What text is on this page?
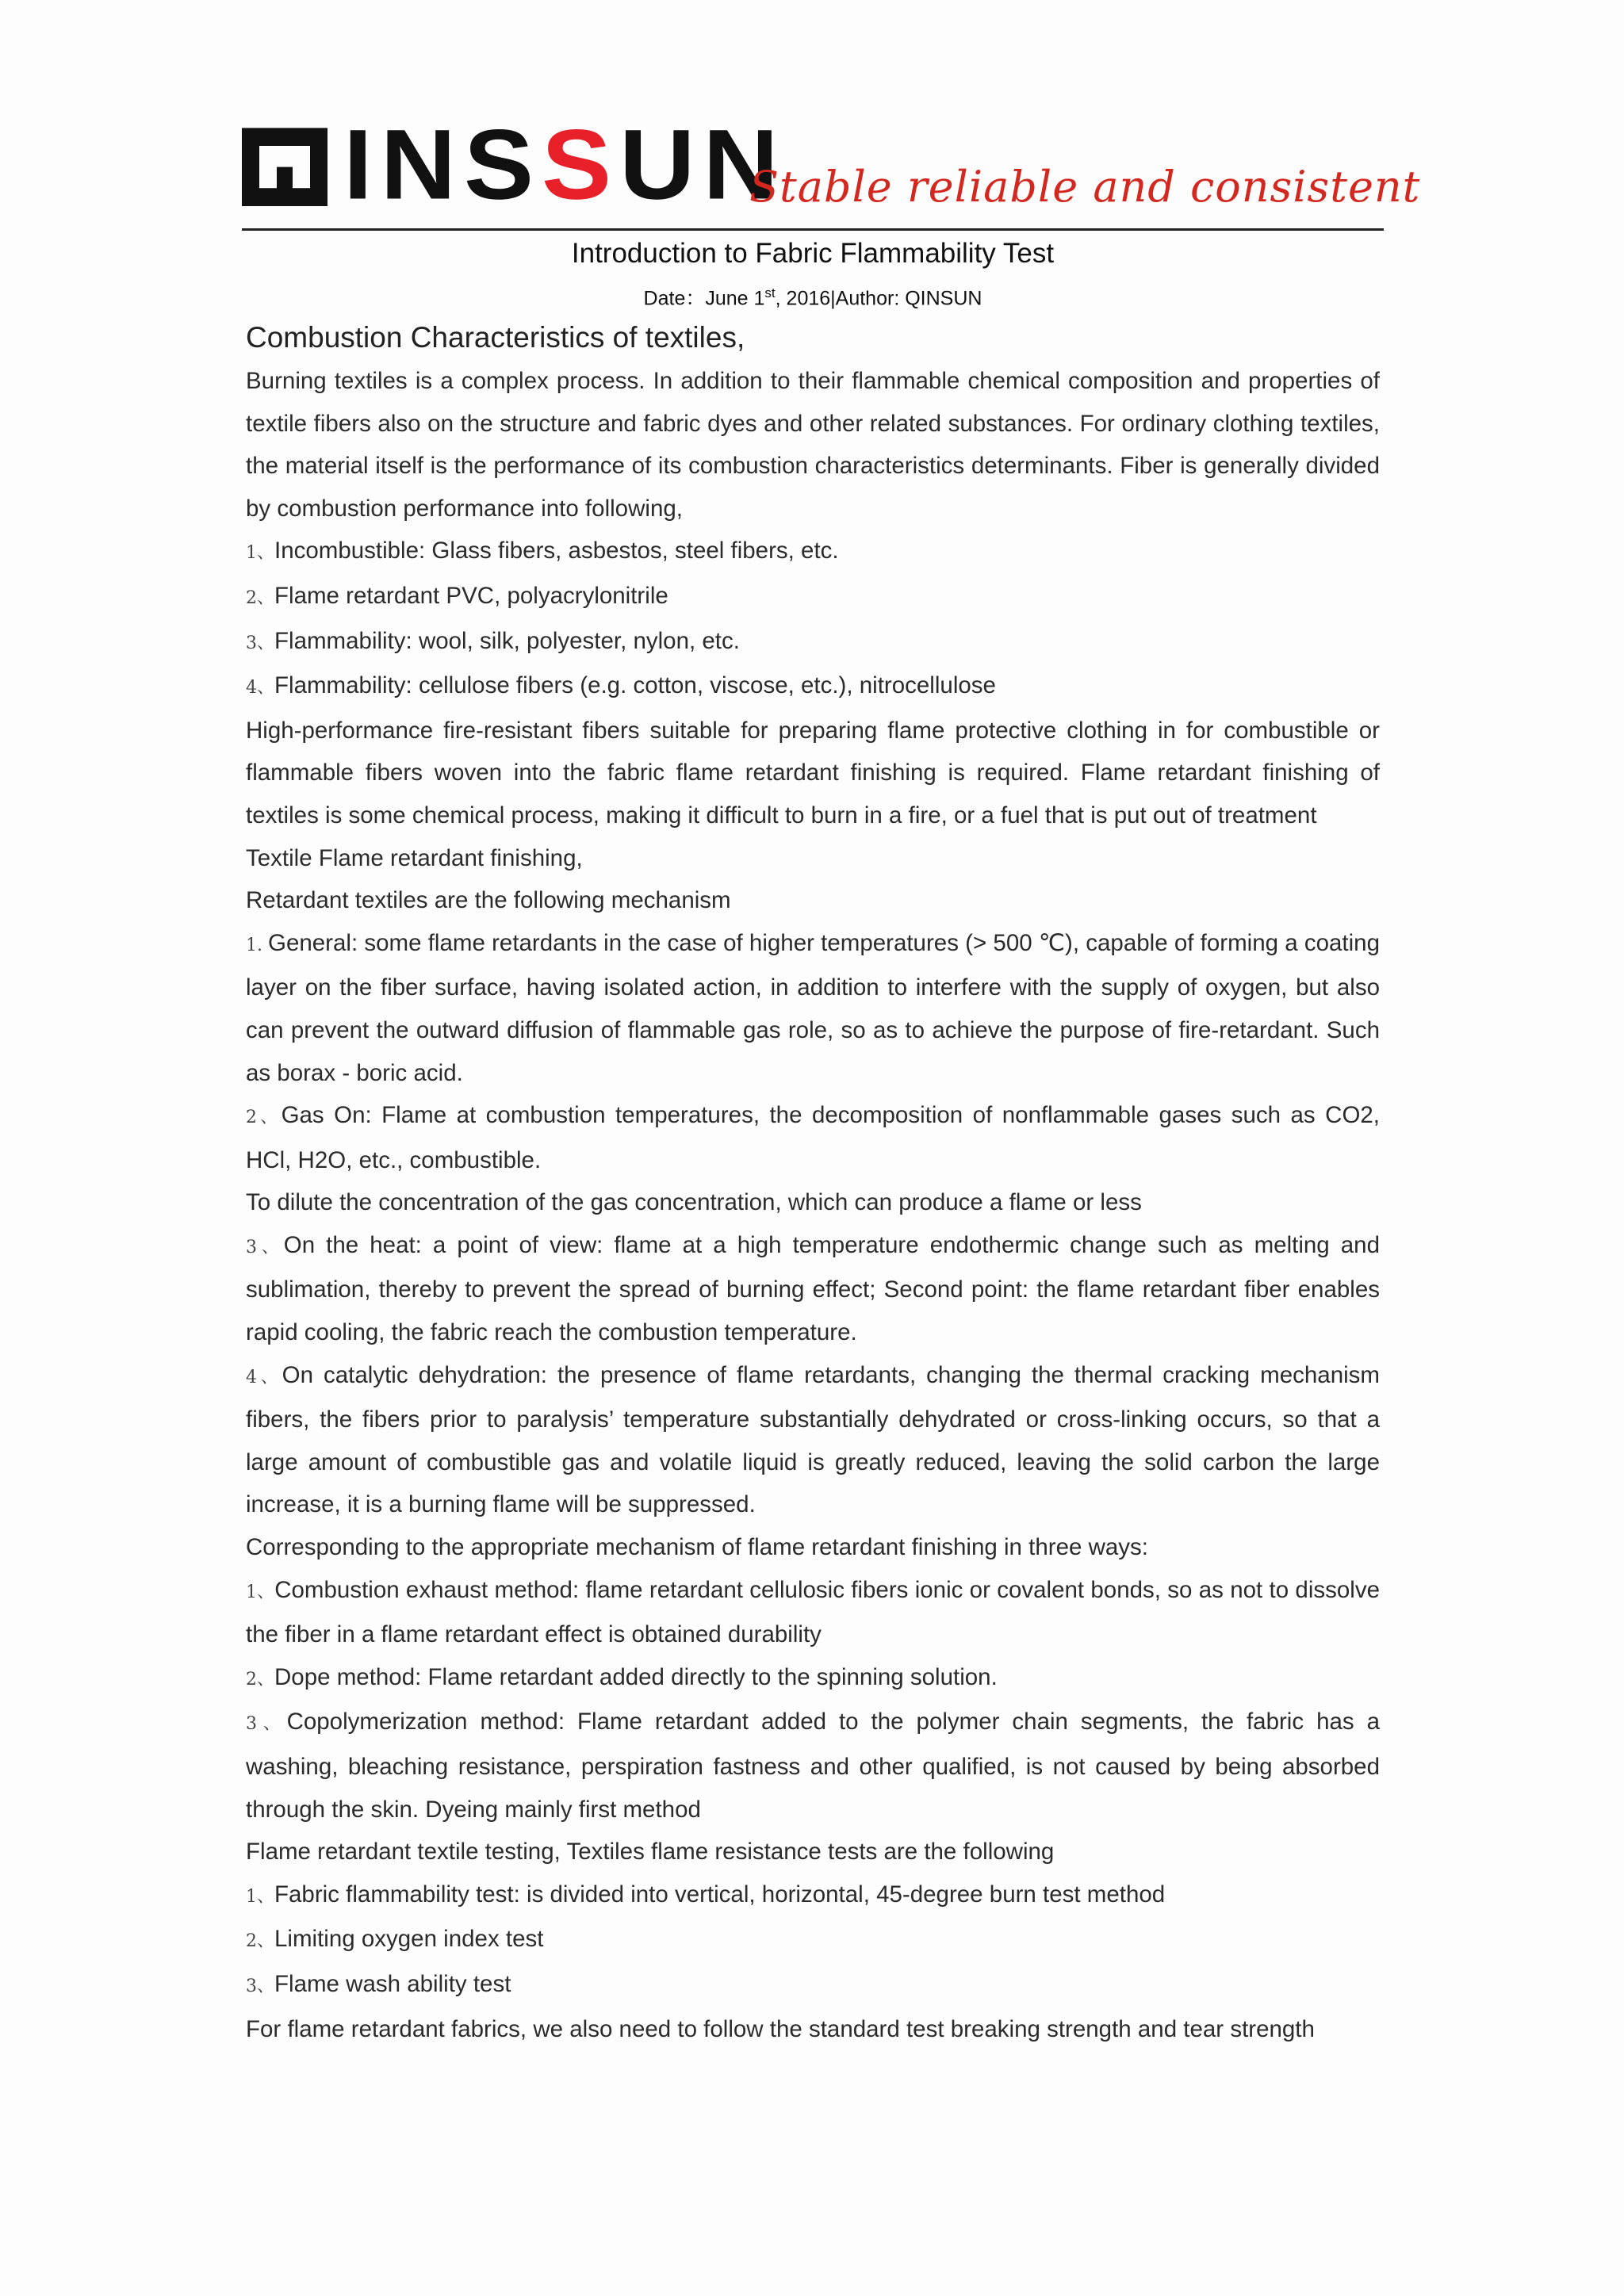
INS S UN
Stable reliable and consistent
Introduction to Fabric Flammability Test
Date：June 1st, 2016|Author: QINSUN
Combustion Characteristics of textiles,
Burning textiles is a complex process. In addition to their flammable chemical composition and properties of textile fibers also on the structure and fabric dyes and other related substances. For ordinary clothing textiles, the material itself is the performance of its combustion characteristics determinants. Fiber is generally divided by combustion performance into following,
1、Incombustible: Glass fibers, asbestos, steel fibers, etc.
2、Flame retardant PVC, polyacrylonitrile
3、Flammability: wool, silk, polyester, nylon, etc.
4、Flammability: cellulose fibers (e.g. cotton, viscose, etc.), nitrocellulose
High-performance fire-resistant fibers suitable for preparing flame protective clothing in for combustible or flammable fibers woven into the fabric flame retardant finishing is required. Flame retardant finishing of textiles is some chemical process, making it difficult to burn in a fire, or a fuel that is put out of treatment
Textile Flame retardant finishing,
Retardant textiles are the following mechanism
1. General: some flame retardants in the case of higher temperatures (> 500 ℃), capable of forming a coating layer on the fiber surface, having isolated action, in addition to interfere with the supply of oxygen, but also can prevent the outward diffusion of flammable gas role, so as to achieve the purpose of fire-retardant. Such as borax - boric acid.
2、Gas On: Flame at combustion temperatures, the decomposition of nonflammable gases such as CO2, HCl, H2O, etc., combustible.
To dilute the concentration of the gas concentration, which can produce a flame or less
3、On the heat: a point of view: flame at a high temperature endothermic change such as melting and sublimation, thereby to prevent the spread of burning effect; Second point: the flame retardant fiber enables rapid cooling, the fabric reach the combustion temperature.
4、On catalytic dehydration: the presence of flame retardants, changing the thermal cracking mechanism fibers, the fibers prior to paralysis’ temperature substantially dehydrated or cross-linking occurs, so that a large amount of combustible gas and volatile liquid is greatly reduced, leaving the solid carbon the large increase, it is a burning flame will be suppressed.
Corresponding to the appropriate mechanism of flame retardant finishing in three ways:
1、Combustion exhaust method: flame retardant cellulosic fibers ionic or covalent bonds, so as not to dissolve the fiber in a flame retardant effect is obtained durability
2、Dope method: Flame retardant added directly to the spinning solution.
3、Copolymerization method: Flame retardant added to the polymer chain segments, the fabric has a washing, bleaching resistance, perspiration fastness and other qualified, is not caused by being absorbed through the skin. Dyeing mainly first method
Flame retardant textile testing, Textiles flame resistance tests are the following
1、Fabric flammability test: is divided into vertical, horizontal, 45-degree burn test method
2、Limiting oxygen index test
3、Flame wash ability test
For flame retardant fabrics, we also need to follow the standard test breaking strength and tear strength
